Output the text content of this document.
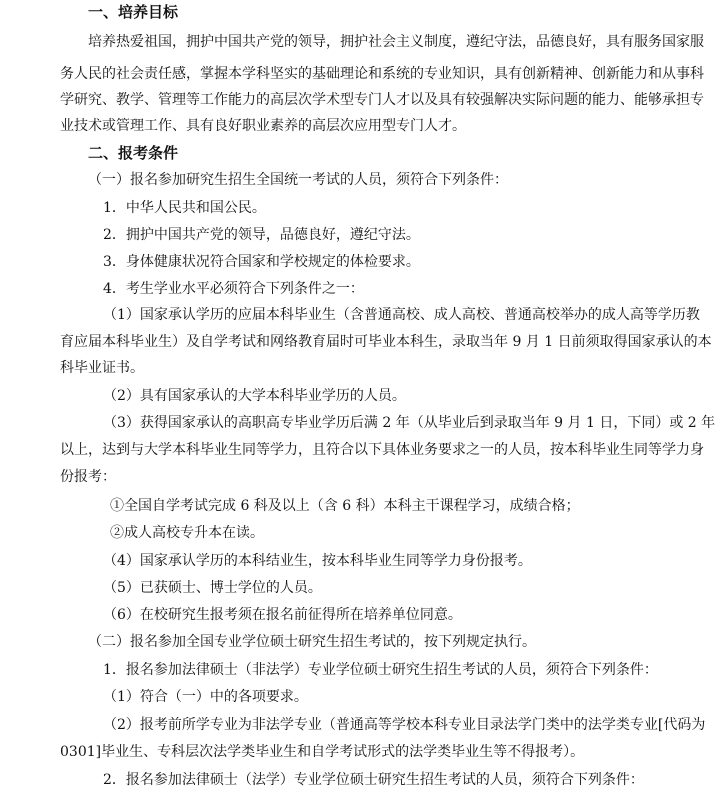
一、培养目标
培养热爱祖国，拥护中国共产党的领导，拥护社会主义制度，遵纪守法，品德良好，具有服务国家服
务人民的社会责任感，掌握本学科坚实的基础理论和系统的专业知识，具有创新精神、创新能力和从事科
学研究、教学、管理等工作能力的高层次学术型专门人才以及具有较强解决实际问题的能力、能够承担专
业技术或管理工作、具有良好职业素养的高层次应用型专门人才。
二、报考条件
（一）报名参加研究生招生全国统一考试的人员，须符合下列条件：
1．中华人民共和国公民。
2．拥护中国共产党的领导，品德良好，遵纪守法。
3．身体健康状况符合国家和学校规定的体检要求。
4．考生学业水平必须符合下列条件之一：
（1）国家承认学历的应届本科毕业生（含普通高校、成人高校、普通高校举办的成人高等学历教
育应届本科毕业生）及自学考试和网络教育届时可毕业本科生，录取当年 9 月 1 日前须取得国家承认的本
科毕业证书。
（2）具有国家承认的大学本科毕业学历的人员。
（3）获得国家承认的高职高专毕业学历后满 2 年（从毕业后到录取当年 9 月 1 日，下同）或 2 年
以上，达到与大学本科毕业生同等学力，且符合以下具体业务要求之一的人员，按本科毕业生同等学力身
份报考：
①全国自学考试完成 6 科及以上（含 6 科）本科主干课程学习，成绩合格；
②成人高校专升本在读。
（4）国家承认学历的本科结业生，按本科毕业生同等学力身份报考。
（5）已获硕士、博士学位的人员。
（6）在校研究生报考须在报名前征得所在培养单位同意。
（二）报名参加全国专业学位硕士研究生招生考试的，按下列规定执行。
1．报名参加法律硕士（非法学）专业学位硕士研究生招生考试的人员，须符合下列条件：
（1）符合（一）中的各项要求。
（2）报考前所学专业为非法学专业（普通高等学校本科专业目录法学门类中的法学类专业[代码为
0301]毕业生、专科层次法学类毕业生和自学考试形式的法学类毕业生等不得报考）。
2．报名参加法律硕士（法学）专业学位硕士研究生招生考试的人员，须符合下列条件：
